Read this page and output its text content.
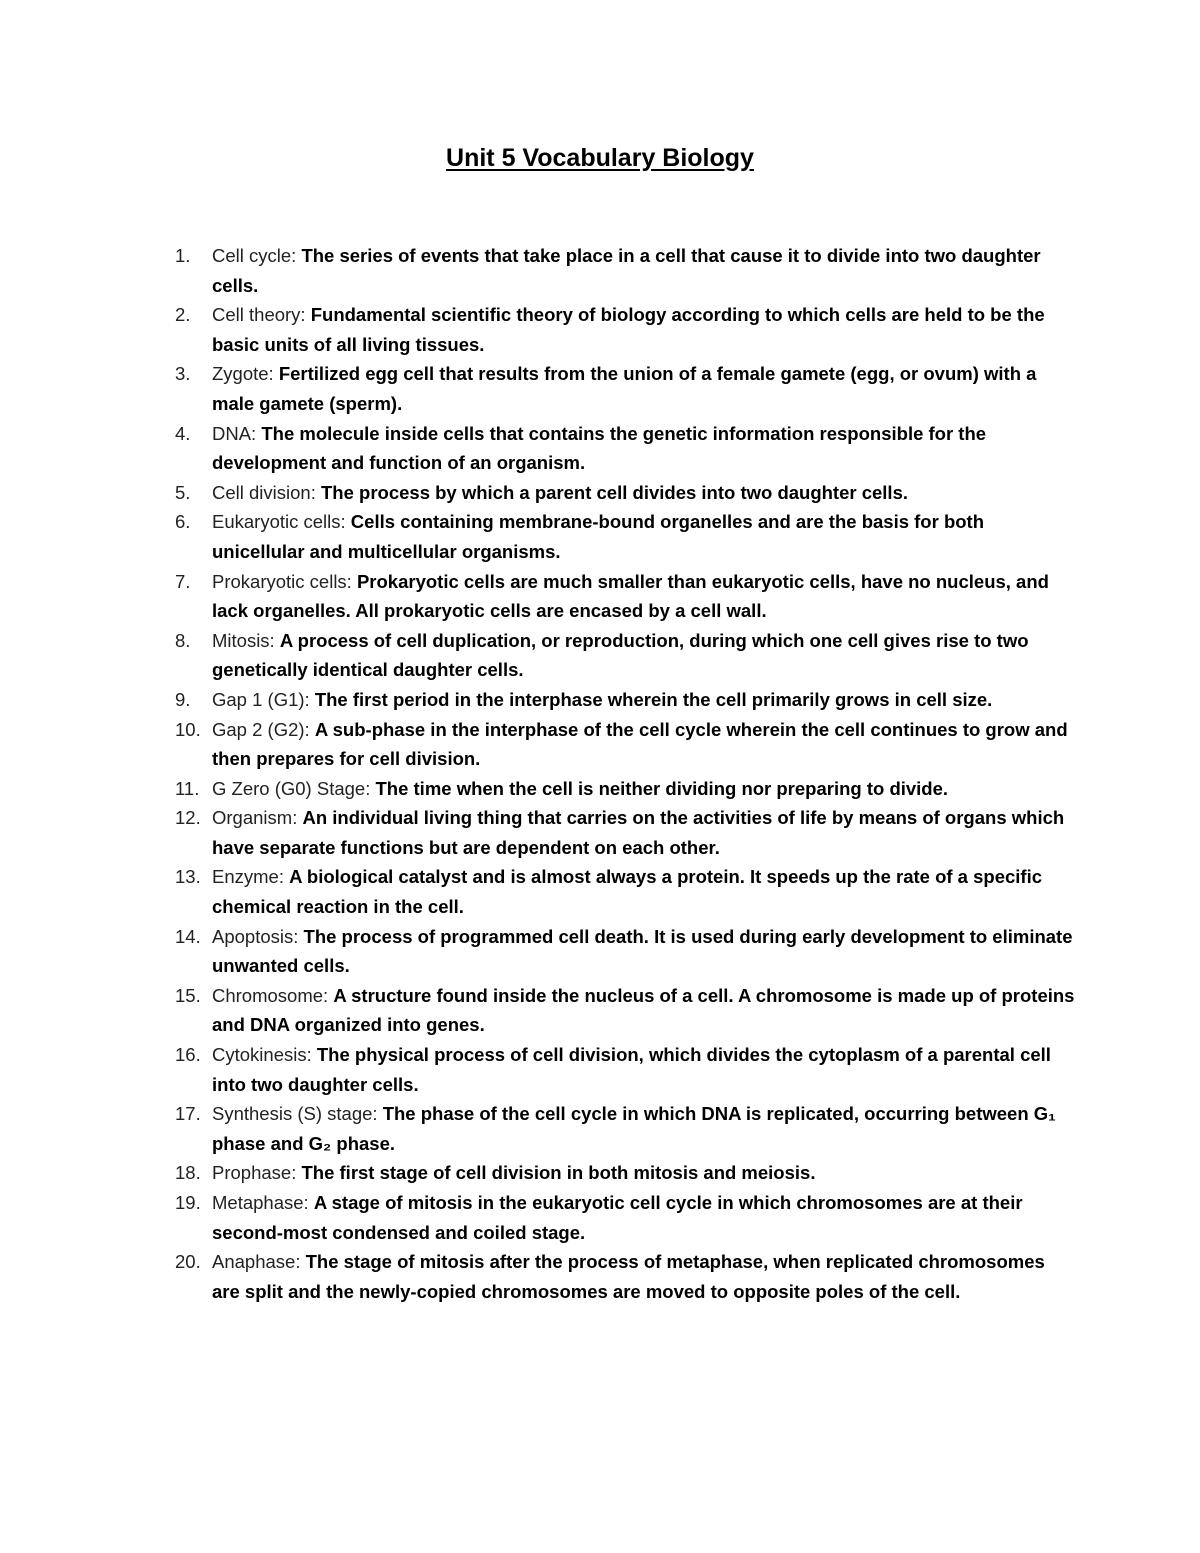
Unit 5 Vocabulary Biology
1. Cell cycle: The series of events that take place in a cell that cause it to divide into two daughter cells.
2. Cell theory: Fundamental scientific theory of biology according to which cells are held to be the basic units of all living tissues.
3. Zygote: Fertilized egg cell that results from the union of a female gamete (egg, or ovum) with a male gamete (sperm).
4. DNA: The molecule inside cells that contains the genetic information responsible for the development and function of an organism.
5. Cell division: The process by which a parent cell divides into two daughter cells.
6. Eukaryotic cells: Cells containing membrane-bound organelles and are the basis for both unicellular and multicellular organisms.
7. Prokaryotic cells: Prokaryotic cells are much smaller than eukaryotic cells, have no nucleus, and lack organelles. All prokaryotic cells are encased by a cell wall.
8. Mitosis: A process of cell duplication, or reproduction, during which one cell gives rise to two genetically identical daughter cells.
9. Gap 1 (G1): The first period in the interphase wherein the cell primarily grows in cell size.
10. Gap 2 (G2): A sub-phase in the interphase of the cell cycle wherein the cell continues to grow and then prepares for cell division.
11. G Zero (G0) Stage: The time when the cell is neither dividing nor preparing to divide.
12. Organism: An individual living thing that carries on the activities of life by means of organs which have separate functions but are dependent on each other.
13. Enzyme: A biological catalyst and is almost always a protein. It speeds up the rate of a specific chemical reaction in the cell.
14. Apoptosis: The process of programmed cell death. It is used during early development to eliminate unwanted cells.
15. Chromosome: A structure found inside the nucleus of a cell. A chromosome is made up of proteins and DNA organized into genes.
16. Cytokinesis: The physical process of cell division, which divides the cytoplasm of a parental cell into two daughter cells.
17. Synthesis (S) stage: The phase of the cell cycle in which DNA is replicated, occurring between G₁ phase and G₂ phase.
18. Prophase: The first stage of cell division in both mitosis and meiosis.
19. Metaphase: A stage of mitosis in the eukaryotic cell cycle in which chromosomes are at their second-most condensed and coiled stage.
20. Anaphase: The stage of mitosis after the process of metaphase, when replicated chromosomes are split and the newly-copied chromosomes are moved to opposite poles of the cell.
